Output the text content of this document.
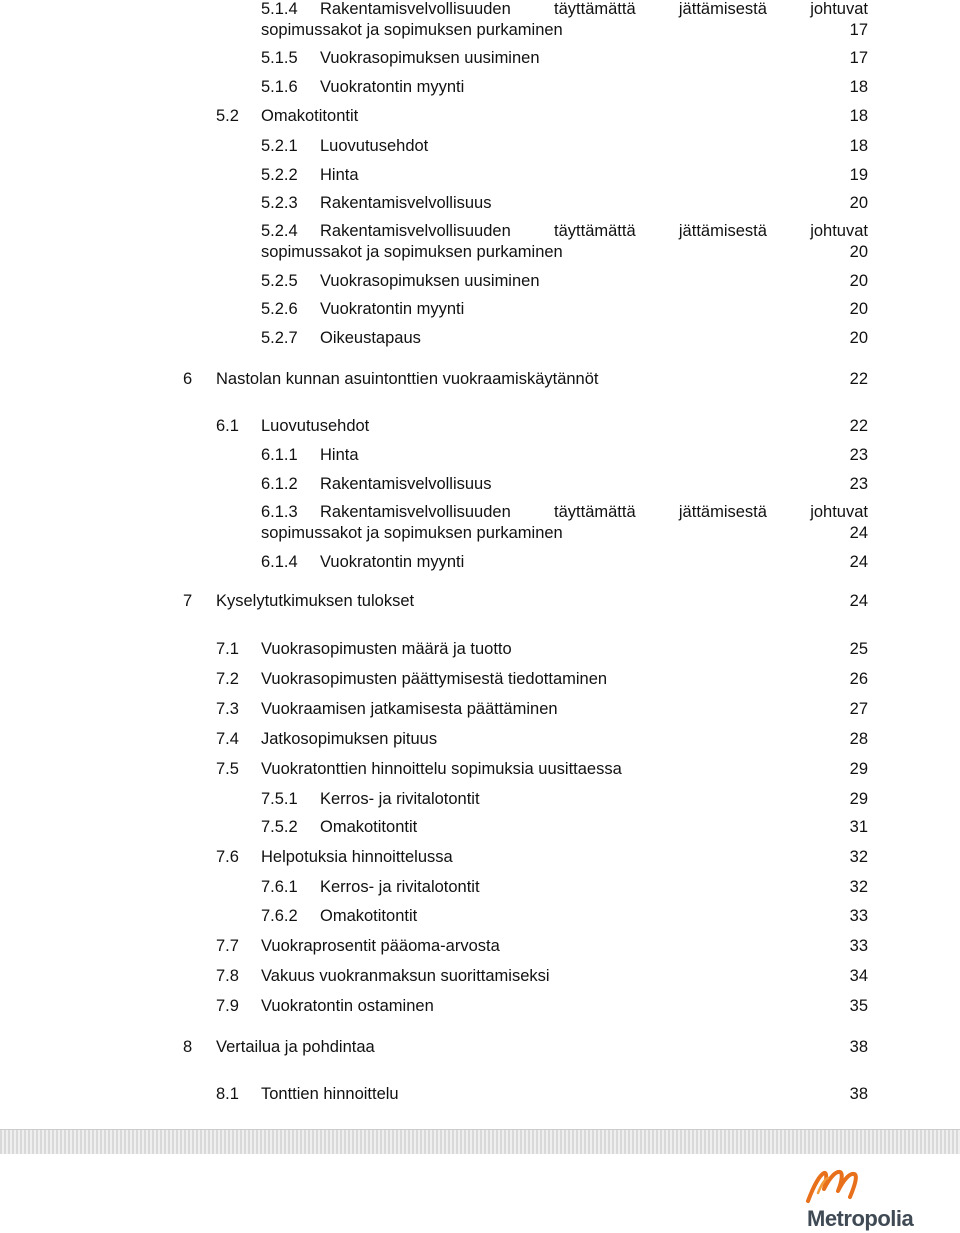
5.1.4 Rakentamisvelvollisuuden	täyttämättä	jättämisestä	johtuvat
sopimussakot ja sopimuksen purkaminen	17
5.1.5 Vuokrasopimuksen uusiminen	17
5.1.6 Vuokratontin myynti	18
5.2 Omakotitontit	18
5.2.1 Luovutusehdot	18
5.2.2 Hinta	19
5.2.3 Rakentamisvelvollisuus	20
5.2.4 Rakentamisvelvollisuuden	täyttämättä	jättämisestä	johtuvat
sopimussakot ja sopimuksen purkaminen	20
5.2.5 Vuokrasopimuksen uusiminen	20
5.2.6 Vuokratontin myynti	20
5.2.7 Oikeustapaus	20
6 Nastolan kunnan asuintonttien vuokraamiskäytännöt	22
6.1 Luovutusehdot	22
6.1.1 Hinta	23
6.1.2 Rakentamisvelvollisuus	23
6.1.3 Rakentamisvelvollisuuden	täyttämättä	jättämisestä	johtuvat
sopimussakot ja sopimuksen purkaminen	24
6.1.4 Vuokratontin myynti	24
7 Kyselytutkimuksen tulokset	24
7.1 Vuokrasopimusten määrä ja tuotto	25
7.2 Vuokrasopimusten päättymisestä tiedottaminen	26
7.3 Vuokraamisen jatkamisesta päättäminen	27
7.4 Jatkosopimuksen pituus	28
7.5 Vuokratonttien hinnoittelu sopimuksia uusittaessa	29
7.5.1 Kerros- ja rivitalotontit	29
7.5.2 Omakotitontit	31
7.6 Helpotuksia hinnoittelussa	32
7.6.1 Kerros- ja rivitalotontit	32
7.6.2 Omakotitontit	33
7.7 Vuokraprosentit pääoma-arvosta	33
7.8 Vakuus vuokranmaksun suorittamiseksi	34
7.9 Vuokratontin ostaminen	35
8 Vertailua ja pohdintaa	38
8.1 Tonttien hinnoittelu	38
Metropolia
